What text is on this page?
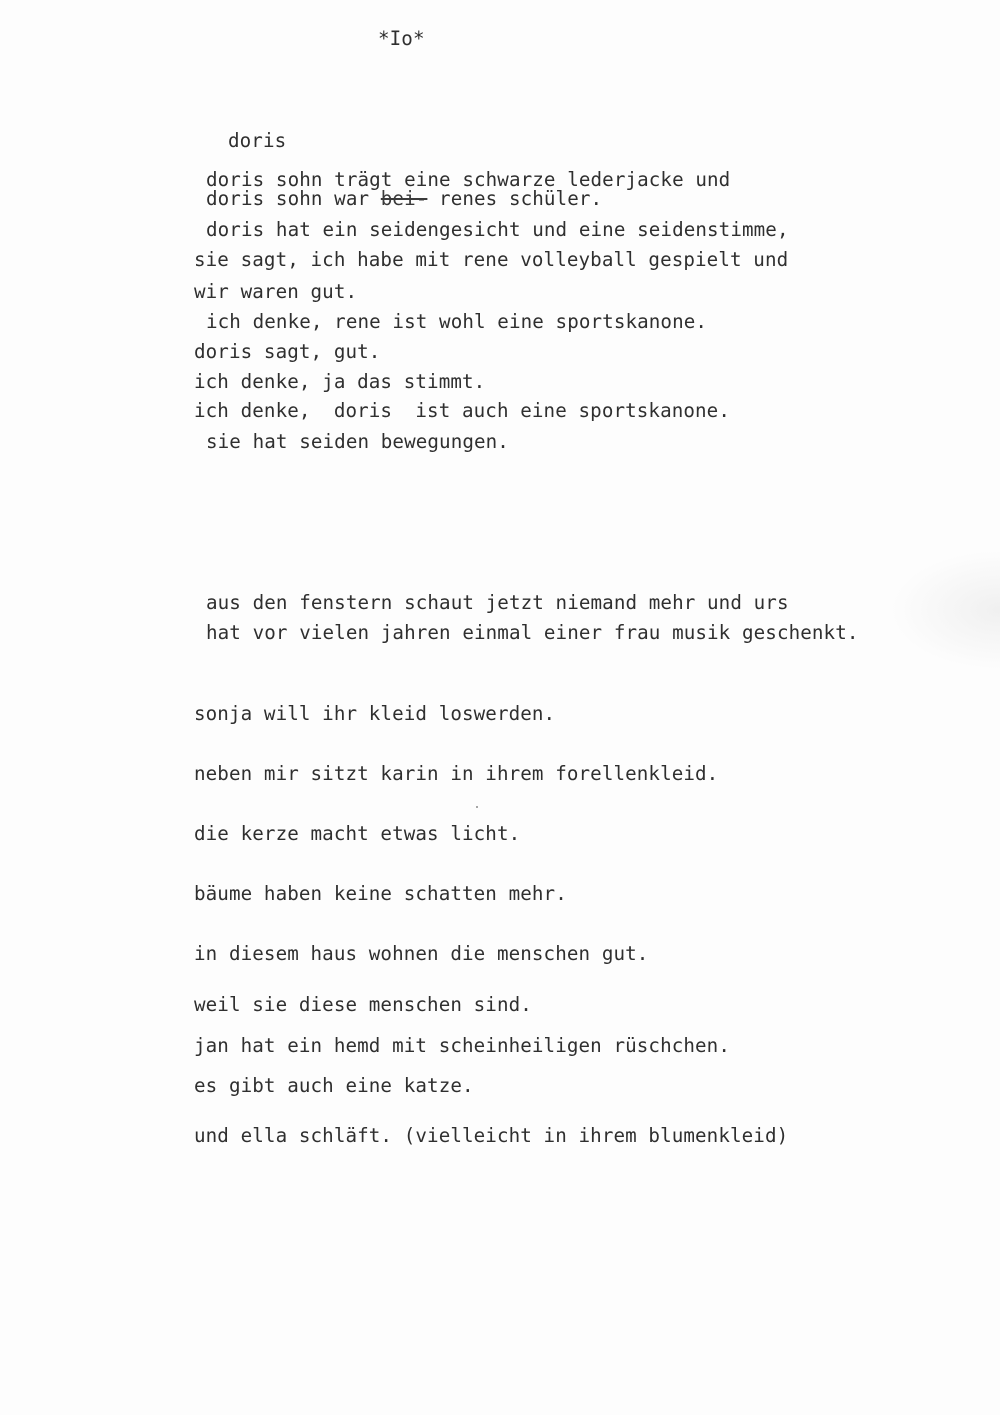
*Io*

doris

doris sohn trägt eine schwarze lederjacke und

doris sohn war bei- renes schüler.

doris hat ein seidengesicht und eine seidenstimme,

sie sagt, ich habe mit rene volleyball gespielt und

wir waren gut.

ich denke, rene ist wohl eine sportskanone.

doris sagt, gut.

ich denke, ja das stimmt.

ich denke,  doris  ist auch eine sportskanone.

sie hat seiden bewegungen.

aus den fenstern schaut jetzt niemand mehr und urs

hat vor vielen jahren einmal einer frau musik geschenkt.

sonja will ihr kleid loswerden.

neben mir sitzt karin in ihrem forellenkleid.

die kerze macht etwas licht.

bäume haben keine schatten mehr.

in diesem haus wohnen die menschen gut.

weil sie diese menschen sind.

jan hat ein hemd mit scheinheiligen rüschchen.

es gibt auch eine katze.

und ella schläft. (vielleicht in ihrem blumenkleid)
